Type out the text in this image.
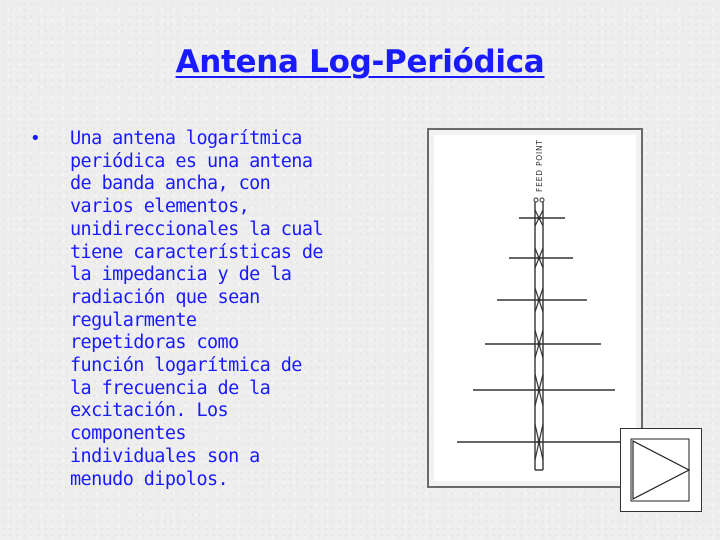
Antena Log-Periódica
• Una antena logarítmica
periódica es una antena
de banda ancha, con
varios elementos,
unidireccionales la cual
tiene características de
la impedancia y de la
radiación que sean
regularmente
repetidoras como
función logarítmica de
la frecuencia de la
excitación. Los
componentes
individuales son a
menudo dipolos.
FEED POINT
